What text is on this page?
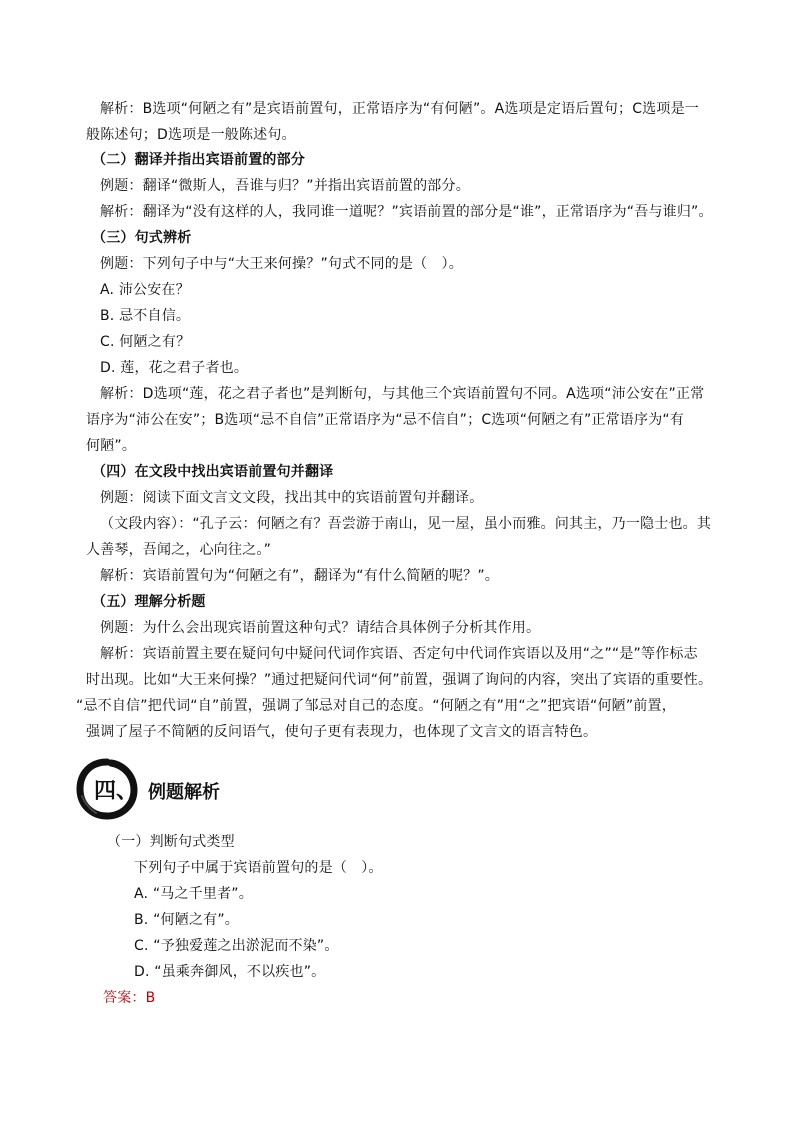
解析：B选项“何陋之有”是宾语前置句，正常语序为“有何陋”。A选项是定语后置句；C选项是一
般陈述句；D选项是一般陈述句。
（二）翻译并指出宾语前置的部分
例题：翻译“微斯人，吾谁与归？”并指出宾语前置的部分。
解析：翻译为“没有这样的人，我同谁一道呢？”宾语前置的部分是“谁”，正常语序为“吾与谁归”。
（三）句式辨析
例题：下列句子中与“大王来何操？”句式不同的是（　）。
A. 沛公安在？
B. 忌不自信。
C. 何陋之有？
D. 莲，花之君子者也。
解析：D选项“莲，花之君子者也”是判断句，与其他三个宾语前置句不同。A选项“沛公安在”正常
语序为“沛公在安”；B选项“忌不自信”正常语序为“忌不信自”；C选项“何陋之有”正常语序为“有
何陋”。
（四）在文段中找出宾语前置句并翻译
例题：阅读下面文言文文段，找出其中的宾语前置句并翻译。
（文段内容）：“孔子云：何陋之有？吾尝游于南山，见一屋，虽小而雅。问其主，乃一隐士也。其
人善琴，吾闻之，心向往之。”
解析：宾语前置句为“何陋之有”，翻译为“有什么简陋的呢？”。
（五）理解分析题
例题：为什么会出现宾语前置这种句式？请结合具体例子分析其作用。
解析：宾语前置主要在疑问句中疑问代词作宾语、否定句中代词作宾语以及用“之”“是”等作标志
时出现。比如“大王来何操？”通过把疑问代词“何”前置，强调了询问的内容，突出了宾语的重要性。
“忌不自信”把代词“自”前置，强调了邹忌对自己的态度。“何陋之有”用“之”把宾语“何陋”前置，
强调了屋子不简陋的反问语气，使句子更有表现力，也体现了文言文的语言特色。
四、 例题解析
（一）判断句式类型
下列句子中属于宾语前置句的是（　）。
A. “马之千里者”。
B. “何陋之有”。
C. “予独爱莲之出淤泥而不染”。
D. “虽乘奔御风，不以疾也”。
答案：B
